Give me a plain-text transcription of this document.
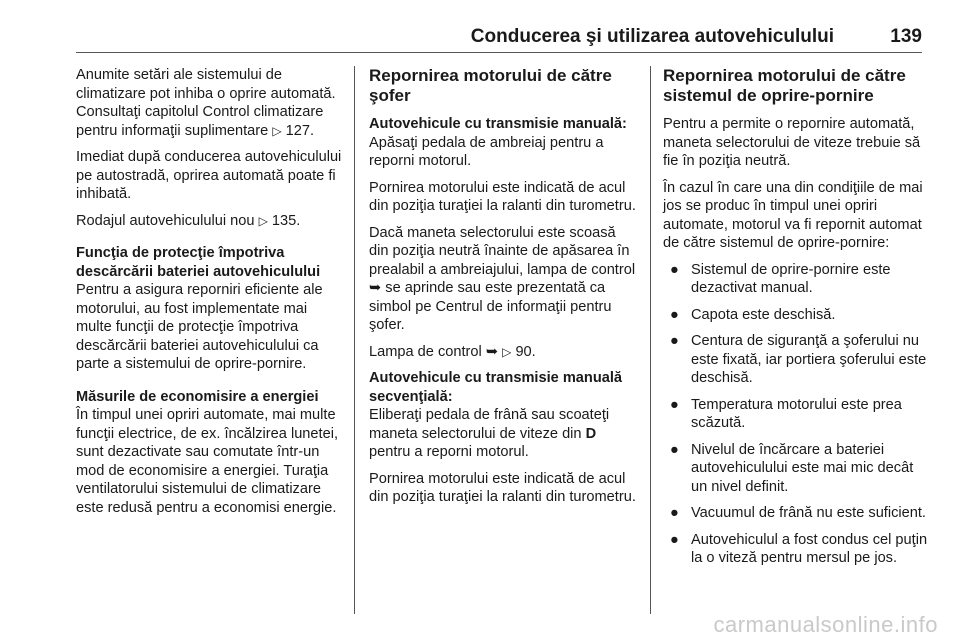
Conducerea şi utilizarea autovehiculului	139

Anumite setări ale sistemului de climatizare pot inhiba o oprire automată. Consultaţi capitolul Control climatizare pentru informaţii suplimentare ▷ 127.

Imediat după conducerea autovehiculului pe autostradă, oprirea automată poate fi inhibată.

Rodajul autovehiculului nou ▷ 135.

Funcţia de protecţie împotriva descărcării bateriei autovehiculului

Pentru a asigura reporniri eficiente ale motorului, au fost implementate mai multe funcţii de protecţie împotriva descărcării bateriei autovehiculului ca parte a sistemului de oprire-pornire.

Măsurile de economisire a energiei

În timpul unei opriri automate, mai multe funcţii electrice, de ex. încălzirea lunetei, sunt dezactivate sau comutate într-un mod de economisire a energiei. Turaţia ventilatorului sistemului de climatizare este redusă pentru a economisi energie.

Repornirea motorului de către şofer
Autovehicule cu transmisie manuală:

Apăsaţi pedala de ambreiaj pentru a reporni motorul.

Pornirea motorului este indicată de acul din poziţia turaţiei la ralanti din turometru.

Dacă maneta selectorului este scoasă din poziţia neutră înainte de apăsarea în prealabil a ambreiajului, lampa de control ➥ se aprinde sau este prezentată ca simbol pe Centrul de informaţii pentru şofer.

Lampa de control ➥ ▷ 90.

Autovehicule cu transmisie manuală secvenţială:

Eliberaţi pedala de frână sau scoateţi maneta selectorului de viteze din D pentru a reporni motorul.

Pornirea motorului este indicată de acul din poziţia turaţiei la ralanti din turometru.

Repornirea motorului de către sistemul de oprire-pornire

Pentru a permite o repornire automată, maneta selectorului de viteze trebuie să fie în poziţia neutră.

În cazul în care una din condiţiile de mai jos se produc în timpul unei opriri automate, motorul va fi repornit automat de către sistemul de oprire-pornire:

● Sistemul de oprire-pornire este dezactivat manual.
● Capota este deschisă.
● Centura de siguranţă a şoferului nu este fixată, iar portiera şoferului este deschisă.
● Temperatura motorului este prea scăzută.
● Nivelul de încărcare a bateriei autovehiculului este mai mic decât un nivel definit.
● Vacuumul de frână nu este suficient.
● Autovehiculul a fost condus cel puţin la o viteză pentru mersul pe jos.
carmanualsonline.info
